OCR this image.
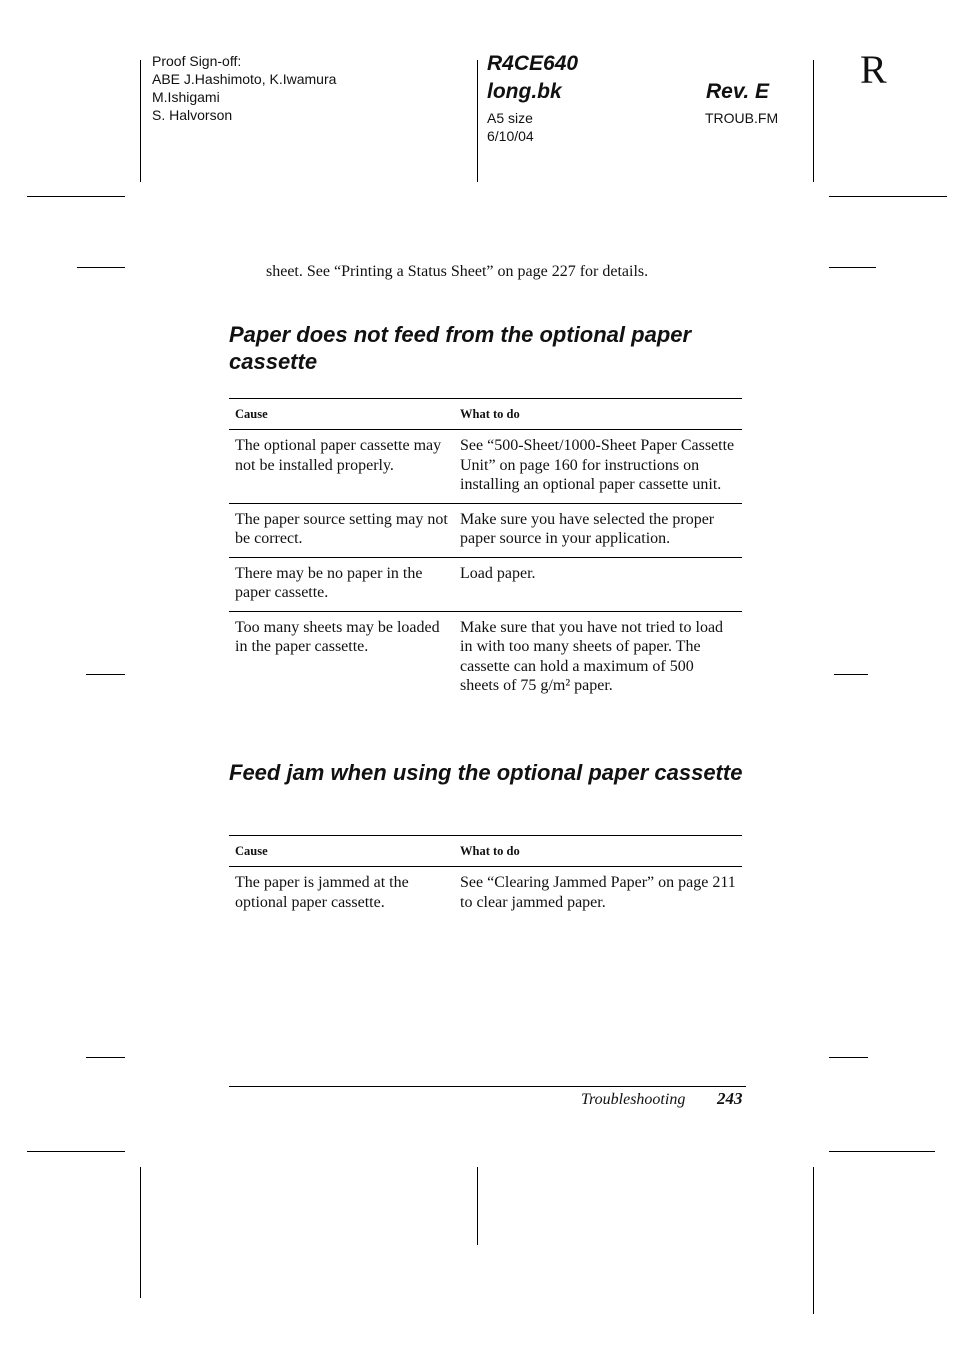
Proof Sign-off:
ABE J.Hashimoto, K.Iwamura
M.Ishigami
S. Halvorson
R4CE640
long.bk	Rev. E
A5 size
6/10/04
TROUB.FM
R
sheet. See “Printing a Status Sheet” on page 227 for details.
Paper does not feed from the optional paper cassette
Cause	What to do
The optional paper cassette may not be installed properly.	See “500-Sheet/1000-Sheet Paper Cassette Unit” on page 160 for instructions on installing an optional paper cassette unit.
The paper source setting may not be correct.	Make sure you have selected the proper paper source in your application.
There may be no paper in the paper cassette.	Load paper.
Too many sheets may be loaded in the paper cassette.	Make sure that you have not tried to load in with too many sheets of paper. The cassette can hold a maximum of 500 sheets of 75 g/m² paper.
Feed jam when using the optional paper cassette
Cause	What to do
The paper is jammed at the optional paper cassette.	See “Clearing Jammed Paper” on page 211 to clear jammed paper.
Troubleshooting 243
